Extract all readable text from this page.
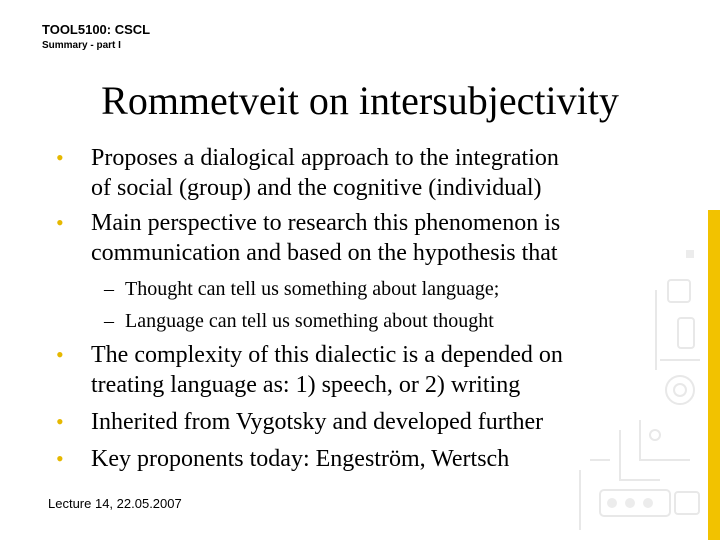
TOOL5100: CSCL
Summary - part I
Rommetveit on intersubjectivity
• Proposes a dialogical approach to the integration
of social (group) and the cognitive (individual)
• Main perspective to research this phenomenon is
communication and based on the hypothesis that
– Thought can tell us something about language;
– Language can tell us something about thought
• The complexity of this dialectic is a depended on
treating language as: 1) speech, or 2) writing
• Inherited from Vygotsky and developed further
• Key proponents today: Engeström, Wertsch
Lecture 14, 22.05.2007
